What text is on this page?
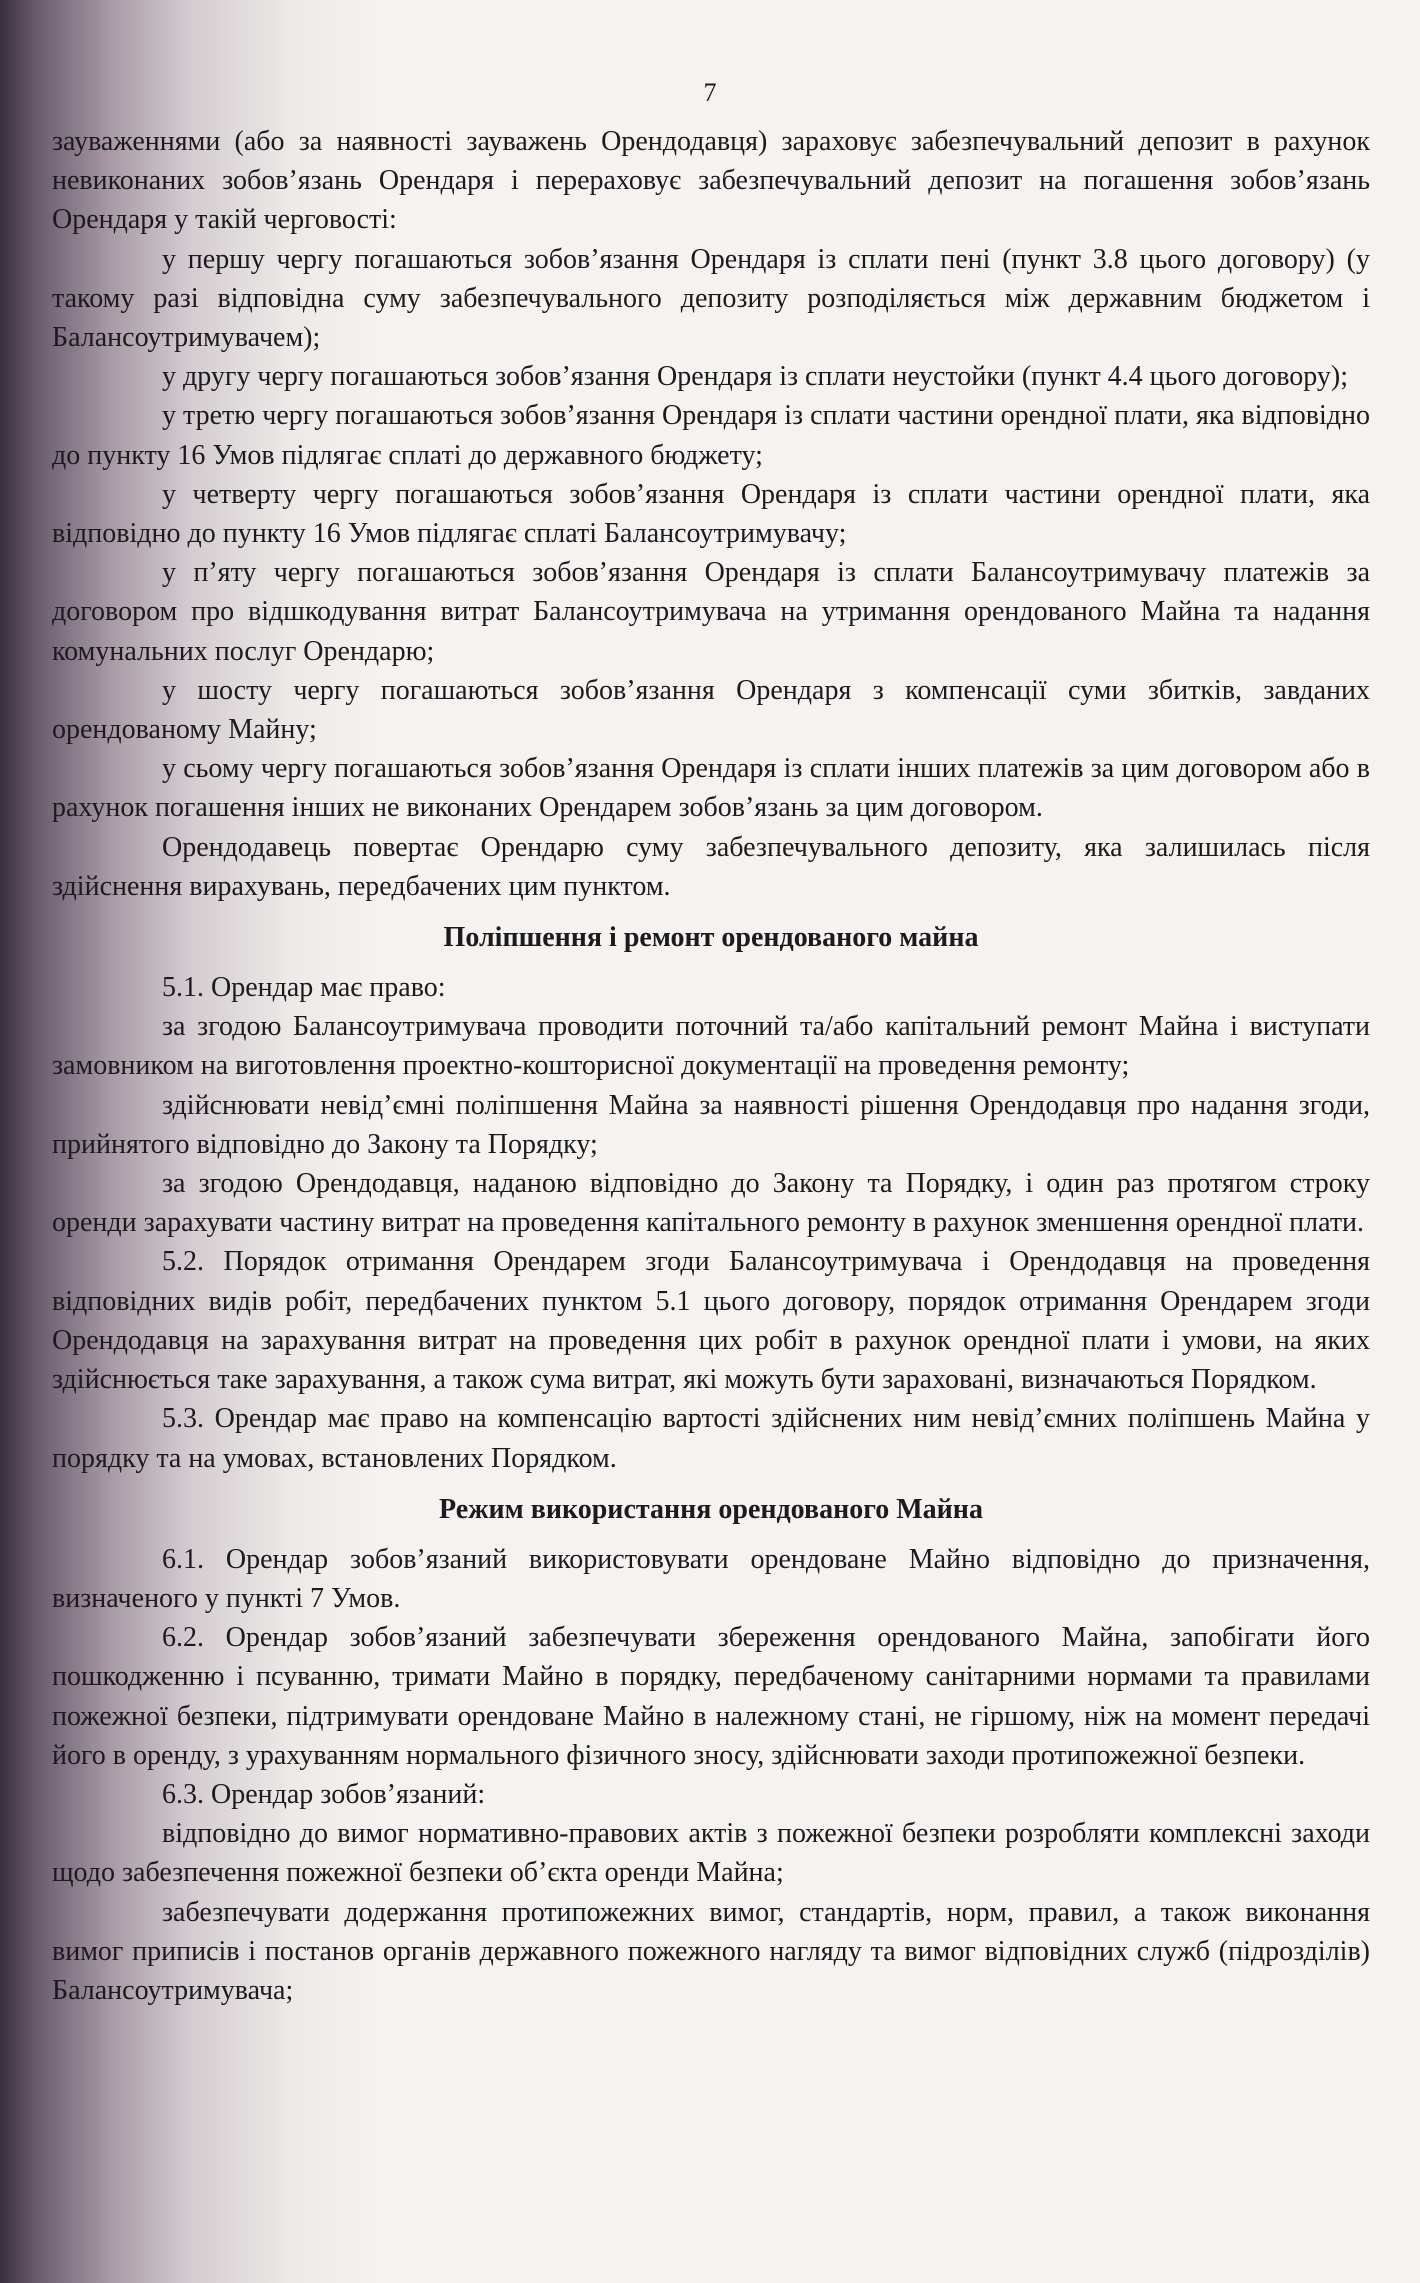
7

зауваженнями (або за наявності зауважень Орендодавця) зараховує забезпечувальний депозит в рахунок невиконаних зобов’язань Орендаря і перераховує забезпечувальний депозит на погашення зобов’язань Орендаря у такій черговості:

у першу чергу погашаються зобов’язання Орендаря із сплати пені (пункт 3.8 цього договору) (у такому разі відповідна суму забезпечувального депозиту розподіляється між державним бюджетом і Балансоутримувачем);

у другу чергу погашаються зобов’язання Орендаря із сплати неустойки (пункт 4.4 цього договору);

у третю чергу погашаються зобов’язання Орендаря із сплати частини орендної плати, яка відповідно до пункту 16 Умов підлягає сплаті до державного бюджету;

у четверту чергу погашаються зобов’язання Орендаря із сплати частини орендної плати, яка відповідно до пункту 16 Умов підлягає сплаті Балансоутримувачу;

у п’яту чергу погашаються зобов’язання Орендаря із сплати Балансоутримувачу платежів за договором про відшкодування витрат Балансоутримувача на утримання орендованого Майна та надання комунальних послуг Орендарю;

у шосту чергу погашаються зобов’язання Орендаря з компенсації суми збитків, завданих орендованому Майну;

у сьому чергу погашаються зобов’язання Орендаря із сплати інших платежів за цим договором або в рахунок погашення інших не виконаних Орендарем зобов’язань за цим договором.

Орендодавець повертає Орендарю суму забезпечувального депозиту, яка залишилась після здійснення вирахувань, передбачених цим пунктом.

Поліпшення і ремонт орендованого майна

5.1. Орендар має право:

за згодою Балансоутримувача проводити поточний та/або капітальний ремонт Майна і виступати замовником на виготовлення проектно-кошторисної документації на проведення ремонту;

здійснювати невід’ємні поліпшення Майна за наявності рішення Орендодавця про надання згоди, прийнятого відповідно до Закону та Порядку;

за згодою Орендодавця, наданою відповідно до Закону та Порядку, і один раз протягом строку оренди зарахувати частину витрат на проведення капітального ремонту в рахунок зменшення орендної плати.

5.2. Порядок отримання Орендарем згоди Балансоутримувача і Орендодавця на проведення відповідних видів робіт, передбачених пунктом 5.1 цього договору, порядок отримання Орендарем згоди Орендодавця на зарахування витрат на проведення цих робіт в рахунок орендної плати і умови, на яких здійснюється таке зарахування, а також сума витрат, які можуть бути зараховані, визначаються Порядком.

5.3. Орендар має право на компенсацію вартості здійснених ним невід’ємних поліпшень Майна у порядку та на умовах, встановлених Порядком.

Режим використання орендованого Майна

6.1. Орендар зобов’язаний використовувати орендоване Майно відповідно до призначення, визначеного у пункті 7 Умов.

6.2. Орендар зобов’язаний забезпечувати збереження орендованого Майна, запобігати його пошкодженню і псуванню, тримати Майно в порядку, передбаченому санітарними нормами та правилами пожежної безпеки, підтримувати орендоване Майно в належному стані, не гіршому, ніж на момент передачі його в оренду, з урахуванням нормального фізичного зносу, здійснювати заходи протипожежної безпеки.

6.3. Орендар зобов’язаний:

відповідно до вимог нормативно-правових актів з пожежної безпеки розробляти комплексні заходи щодо забезпечення пожежної безпеки об’єкта оренди Майна;

забезпечувати додержання протипожежних вимог, стандартів, норм, правил, а також виконання вимог приписів і постанов органів державного пожежного нагляду та вимог відповідних служб (підрозділів) Балансоутримувача;
